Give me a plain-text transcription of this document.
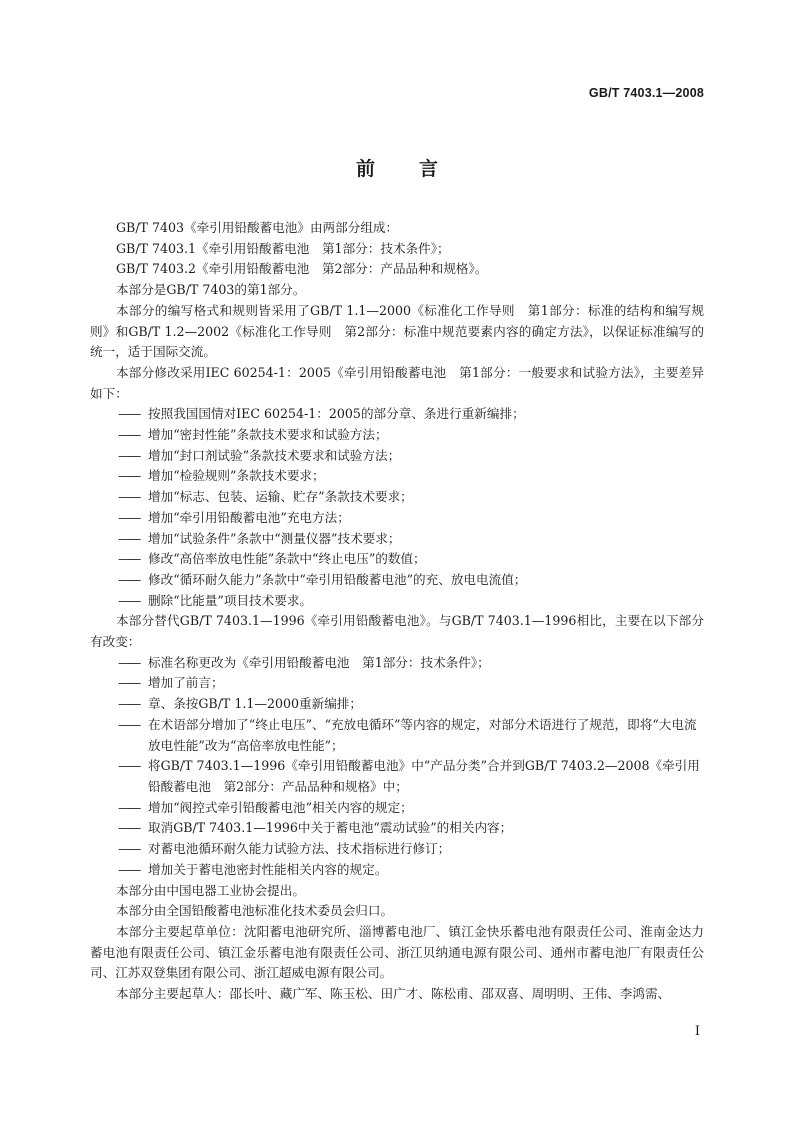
GB/T 7403.1—2008
前 言

GB/T 7403《牵引用铅酸蓄电池》由两部分组成：

GB/T 7403.1《牵引用铅酸蓄电池　第1部分：技术条件》；

GB/T 7403.2《牵引用铅酸蓄电池　第2部分：产品品种和规格》。

本部分是GB/T 7403的第1部分。

本部分的编写格式和规则皆采用了GB/T 1.1—2000《标准化工作导则　第1部分：标准的结构和编写规则》和GB/T 1.2—2002《标准化工作导则　第2部分：标准中规范要素内容的确定方法》，以保证标准编写的统一，适于国际交流。

本部分修改采用IEC 60254-1：2005《牵引用铅酸蓄电池　第1部分：一般要求和试验方法》，主要差异如下：

—— 按照我国国情对IEC 60254-1：2005的部分章、条进行重新编排；

—— 增加“密封性能”条款技术要求和试验方法；

—— 增加“封口剂试验”条款技术要求和试验方法；

—— 增加“检验规则”条款技术要求；

—— 增加“标志、包装、运输、贮存”条款技术要求；

—— 增加“牵引用铅酸蓄电池”充电方法；

—— 增加“试验条件”条款中“测量仪器”技术要求；

—— 修改“高倍率放电性能”条款中“终止电压”的数值；

—— 修改“循环耐久能力”条款中“牵引用铅酸蓄电池”的充、放电电流值；

—— 删除“比能量”项目技术要求。

本部分替代GB/T 7403.1—1996《牵引用铅酸蓄电池》。与GB/T 7403.1—1996相比，主要在以下部分有改变：

—— 标准名称更改为《牵引用铅酸蓄电池　第1部分：技术条件》；

—— 增加了前言；

—— 章、条按GB/T 1.1—2000重新编排；

—— 在术语部分增加了“终止电压”、“充放电循环”等内容的规定，对部分术语进行了规范，即将“大电流放电性能”改为“高倍率放电性能”；

—— 将GB/T 7403.1—1996《牵引用铅酸蓄电池》中“产品分类”合并到GB/T 7403.2—2008《牵引用铅酸蓄电池　第2部分：产品品种和规格》中；

—— 增加“阀控式牵引铅酸蓄电池”相关内容的规定；

—— 取消GB/T 7403.1—1996中关于蓄电池“震动试验”的相关内容；

—— 对蓄电池循环耐久能力试验方法、技术指标进行修订；

—— 增加关于蓄电池密封性能相关内容的规定。

本部分由中国电器工业协会提出。

本部分由全国铅酸蓄电池标准化技术委员会归口。

本部分主要起草单位：沈阳蓄电池研究所、淄博蓄电池厂、镇江金快乐蓄电池有限责任公司、淮南金达力蓄电池有限责任公司、镇江金乐蓄电池有限责任公司、浙江贝纳通电源有限公司、通州市蓄电池厂有限责任公司、江苏双登集团有限公司、浙江超威电源有限公司。

本部分主要起草人：邵长叶、藏广军、陈玉松、田广才、陈松甫、邵双喜、周明明、王伟、李鸿需、

I
